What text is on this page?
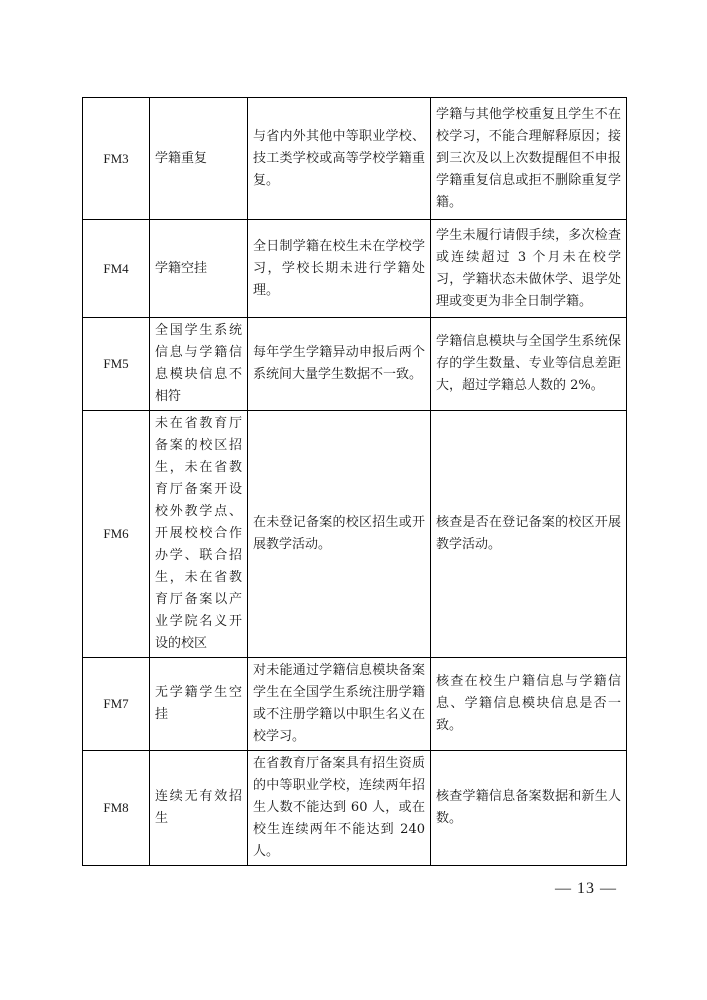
FM3	学籍重复	与省内外其他中等职业学校、技工类学校或高等学校学籍重复。	学籍与其他学校重复且学生不在校学习，不能合理解释原因；接到三次及以上次数提醒但不申报学籍重复信息或拒不删除重复学籍。
FM4	学籍空挂	全日制学籍在校生未在学校学习，学校长期未进行学籍处理。	学生未履行请假手续，多次检查或连续超过 3 个月未在校学习，学籍状态未做休学、退学处理或变更为非全日制学籍。
FM5	全国学生系统信息与学籍信息模块信息不相符	每年学生学籍异动申报后两个系统间大量学生数据不一致。	学籍信息模块与全国学生系统保存的学生数量、专业等信息差距大，超过学籍总人数的 2%。
FM6	未在省教育厅备案的校区招生，未在省教育厅备案开设校外教学点、开展校校合作办学、联合招生，未在省教育厅备案以产业学院名义开设的校区	在未登记备案的校区招生或开展教学活动。	核查是否在登记备案的校区开展教学活动。
FM7	无学籍学生空挂	对未能通过学籍信息模块备案学生在全国学生系统注册学籍或不注册学籍以中职生名义在校学习。	核查在校生户籍信息与学籍信息、学籍信息模块信息是否一致。
FM8	连续无有效招生	在省教育厅备案具有招生资质的中等职业学校，连续两年招生人数不能达到 60 人，或在校生连续两年不能达到 240 人。	核查学籍信息备案数据和新生人数。
— 13 —
